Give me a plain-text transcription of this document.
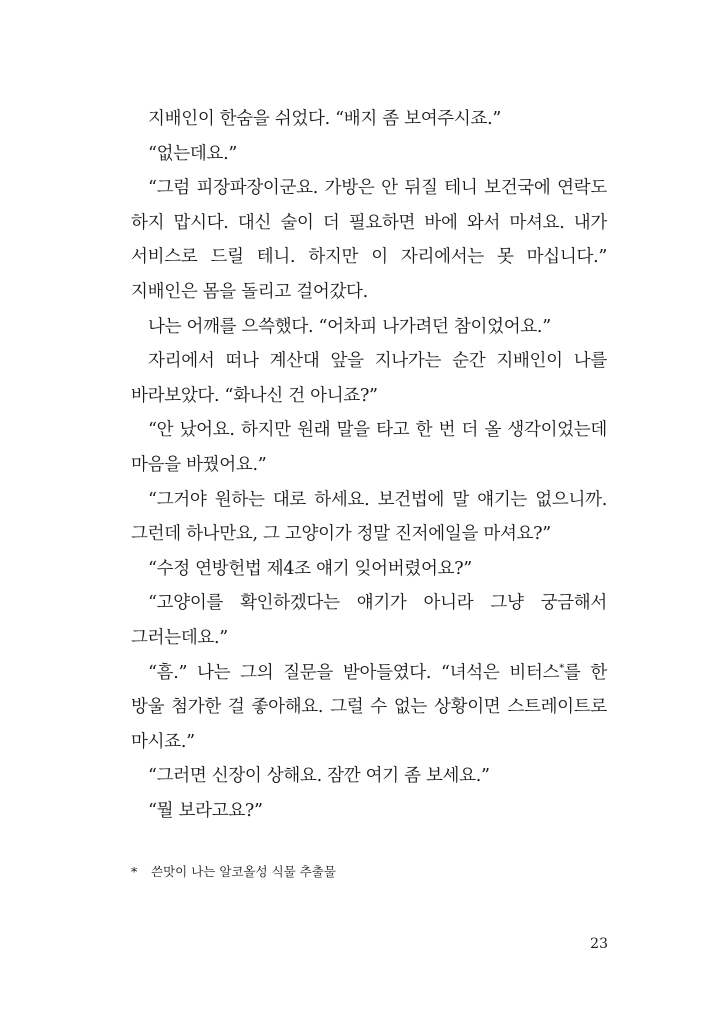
지배인이 한숨을 쉬었다. “배지 좀 보여주시죠.”

“없는데요.”

“그럼 피장파장이군요. 가방은 안 뒤질 테니 보건국에 연락도 하지 맙시다. 대신 술이 더 필요하면 바에 와서 마셔요. 내가 서비스로 드릴 테니. 하지만 이 자리에서는 못 마십니다.” 지배인은 몸을 돌리고 걸어갔다.

나는 어깨를 으쓱했다. “어차피 나가려던 참이었어요.”

자리에서 떠나 계산대 앞을 지나가는 순간 지배인이 나를 바라보았다. “화나신 건 아니죠?”

“안 났어요. 하지만 원래 말을 타고 한 번 더 올 생각이었는데 마음을 바꿨어요.”

“그거야 원하는 대로 하세요. 보건법에 말 얘기는 없으니까. 그런데 하나만요, 그 고양이가 정말 진저에일을 마셔요?”

“수정 연방헌법 제4조 얘기 잊어버렸어요?”

“고양이를 확인하겠다는 얘기가 아니라 그냥 궁금해서 그러는데요.”

“흠.” 나는 그의 질문을 받아들였다. “녀석은 비터스*를 한 방울 첨가한 걸 좋아해요. 그럴 수 없는 상황이면 스트레이트로 마시죠.”

“그러면 신장이 상해요. 잠깐 여기 좀 보세요.”

“뭘 보라고요?”

* 쓴맛이 나는 알코올성 식물 추출물
23
